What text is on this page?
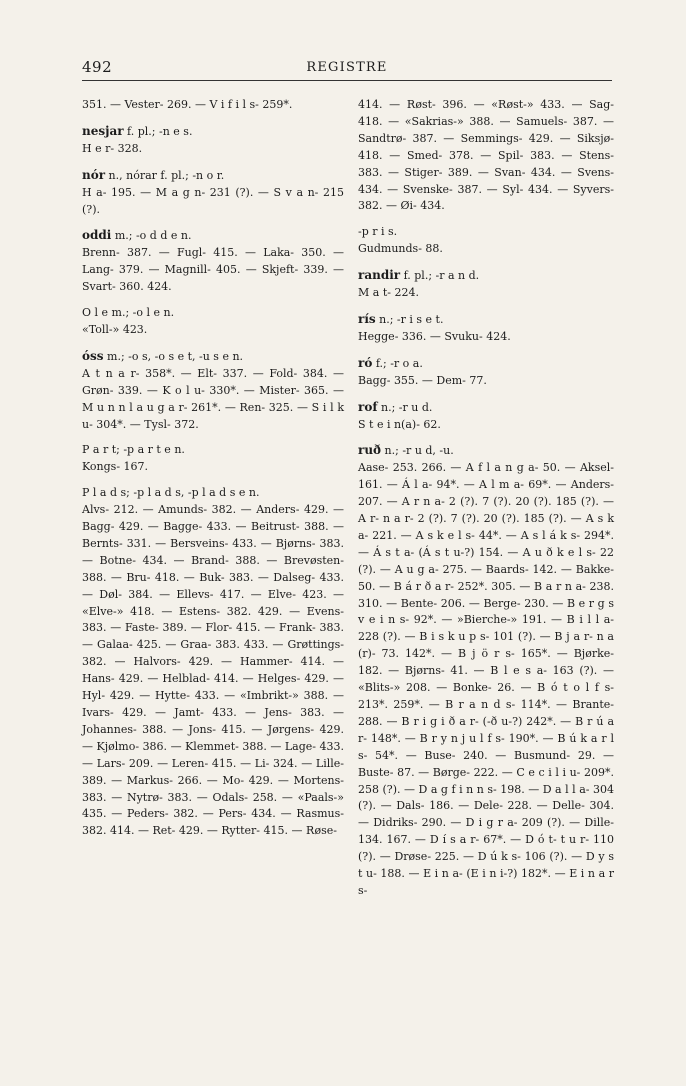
492	REGISTRE
351. — Vester- 269. — V i f i l s- 259*.
nesjar f. pl.; -n e s.
H e r- 328.
nór n., nórar f. pl.; -n o r.
H a- 195. — M a g n- 231 (?). — S v a n- 215 (?).
oddi m.; -o d d e n.
Brenn- 387. — Fugl- 415. — Laka- 350. — Lang- 379. — Magnill- 405. — Skjeft- 339. — Svart- 360. 424.
O l e m.; -o l e n.
«Toll-» 423.
óss m.; -o s, -o s e t, -u s e n.
A t n a r- 358*. — Elt- 337. — Fold- 384. — Grøn- 339. — K o l u- 330*. — Mister- 365. — M u n n l a u g a r- 261*. — Ren- 325. — S i l k u- 304*. — Tysl- 372.
P a r t; -p a r t e n.
Kongs- 167.
P l a d s; -p l a d s, -p l a d s e n.
Alvs- 212. — Amunds- 382. — Anders- 429. — Bagg- 429. — Bagge- 433. — Beitrust- 388. — Bernts- 331. — Bersveins- 433. — Bjørns- 383. — Botne- 434. — Brand- 388. — Brevøsten- 388. — Bru- 418. — Buk- 383. — Dalseg- 433. — Døl- 384. — Ellevs- 417. — Elve- 423. — «Elve-» 418. — Estens- 382. 429. — Evens- 383. — Faste- 389. — Flor- 415. — Frank- 383. — Galaa- 425. — Graa- 383. 433. — Grøttings- 382. — Halvors- 429. — Hammer- 414. — Hans- 429. — Helblad- 414. — Helges- 429. — Hyl- 429. — Hytte- 433. — «Imbrikt-» 388. — Ivars- 429. — Jamt- 433. — Jens- 383. — Johannes- 388. — Jons- 415. — Jørgens- 429. — Kjølmo- 386. — Klemmet- 388. — Lage- 433. — Lars- 209. — Leren- 415. — Li- 324. — Lille- 389. — Markus- 266. — Mo- 429. — Mortens- 383. — Nytrø- 383. — Odals- 258. — «Paals-» 435. — Peders- 382. — Pers- 434. — Rasmus- 382. 414. — Ret- 429. — Rytter- 415. — Røse-
414. — Røst- 396. — «Røst-» 433. — Sag- 418. — «Sakrias-» 388. — Samuels- 387. — Sandtrø- 387. — Semmings- 429. — Siksjø- 418. — Smed- 378. — Spil- 383. — Stens- 383. — Stiger- 389. — Svan- 434. — Svens- 434. — Svenske- 387. — Syl- 434. — Syvers- 382. — Øi- 434.
-p r i s.
Gudmunds- 88.
randir f. pl.; -r a n d.
M a t- 224.
rís n.; -r i s e t.
Hegge- 336. — Svuku- 424.
ró f.; -r o a.
Bagg- 355. — Dem- 77.
rof n.; -r u d.
S t e i n(a)- 62.
ruð n.; -r u d, -u.
Aase- 253. 266. — A f l a n g a- 50. — Aksel- 161. — Á l a- 94*. — A l m a- 69*. — Anders- 207. — A r n a- 2 (?). 7 (?). 20 (?). 185 (?). — A r- n a r- 2 (?). 7 (?). 20 (?). 185 (?). — A s k a- 221. — A s k e l s- 44*. — A s l á k s- 294*. — Á s t a- (Á s t u-?) 154. — A u ð k e l s- 22 (?). — A u g a- 275. — Baards- 142. — Bakke- 50. — B á r ð a r- 252*. 305. — B a r n a- 238. 310. — Bente- 206. — Berge- 230. — B e r g s v e i n s- 92*. — »Bierche-» 191. — B i l l a- 228 (?). — B i s k u p s- 101 (?). — B j a r- n a (r)- 73. 142*. — B j ö r s- 165*. — Bjørke- 182. — Bjørns- 41. — B l e s a- 163 (?). — «Blits-» 208. — Bonke- 26. — B ó t o l f s- 213*. 259*. — B r a n d s- 114*. — Brante- 288. — B r i g i ð a r- (-ð u-?) 242*. — B r ú a r- 148*. — B r y n j u l f s- 190*. — B ú k a r l s- 54*. — Buse- 240. — Busmund- 29. — Buste- 87. — Børge- 222. — C e c i l i u- 209*. 258 (?). — D a g f i n n s- 198. — D a l l a- 304 (?). — Dals- 186. — Dele- 228. — Delle- 304. — Didriks- 290. — D i g r a- 209 (?). — Dille- 134. 167. — D í s a r- 67*. — D ó t- t u r- 110 (?). — Drøse- 225. — D ú k s- 106 (?). — D y s t u- 188. — E i n a- (E i n i-?) 182*. — E i n a r s-
